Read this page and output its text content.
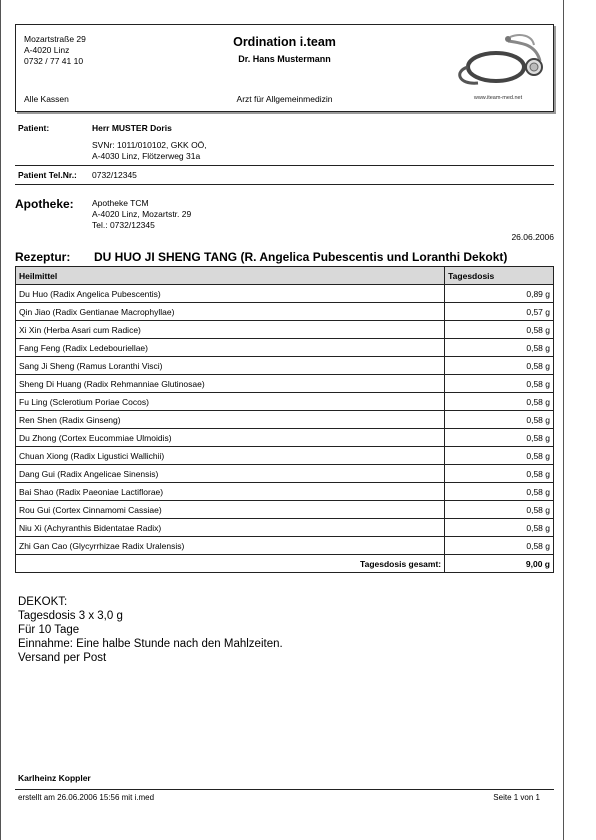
Mozartstraße 29
A-4020 Linz
0732 / 77 41 10
Alle Kassen
Ordination i.team
Dr. Hans Mustermann
Arzt für Allgemeinmedizin	www.iteam-med.net
Patient:	Herr MUSTER Doris
SVNr: 1011/010102, GKK OÖ,
A-4030 Linz, Flötzerweg 31a
Patient Tel.Nr.: 0732/12345
Apotheke: Apotheke TCM
A-4020 Linz, Mozartstr. 29
Tel.: 0732/12345
26.06.2006
Rezeptur: DU HUO JI SHENG TANG (R. Angelica Pubescentis und Loranthi Dekokt)
Heilmittel	Tagesdosis
Du Huo (Radix Angelica Pubescentis)	0,89 g
Qin Jiao (Radix Gentianae Macrophyllae)	0,57 g
Xi Xin (Herba Asari cum Radice)	0,58 g
Fang Feng (Radix Ledebouriellae)	0,58 g
Sang Ji Sheng (Ramus Loranthi Visci)	0,58 g
Sheng Di Huang (Radix Rehmanniae Glutinosae)	0,58 g
Fu Ling (Sclerotium Poriae Cocos)	0,58 g
Ren Shen (Radix Ginseng)	0,58 g
Du Zhong (Cortex Eucommiae Ulmoidis)	0,58 g
Chuan Xiong (Radix Ligustici Wallichii)	0,58 g
Dang Gui (Radix Angelicae Sinensis)	0,58 g
Bai Shao (Radix Paeoniae Lactiflorae)	0,58 g
Rou Gui (Cortex Cinnamomi Cassiae)	0,58 g
Niu Xi (Achyranthis Bidentatae Radix)	0,58 g
Zhi Gan Cao (Glycyrrhizae Radix Uralensis)	0,58 g
Tagesdosis gesamt:	9,00 g
DEKOKT:
Tagesdosis 3 x 3,0 g
Für 10 Tage
Einnahme: Eine halbe Stunde nach den Mahlzeiten.
Versand per Post
Karlheinz Koppler
erstellt am 26.06.2006 15:56 mit i.med	Seite 1 von 1
